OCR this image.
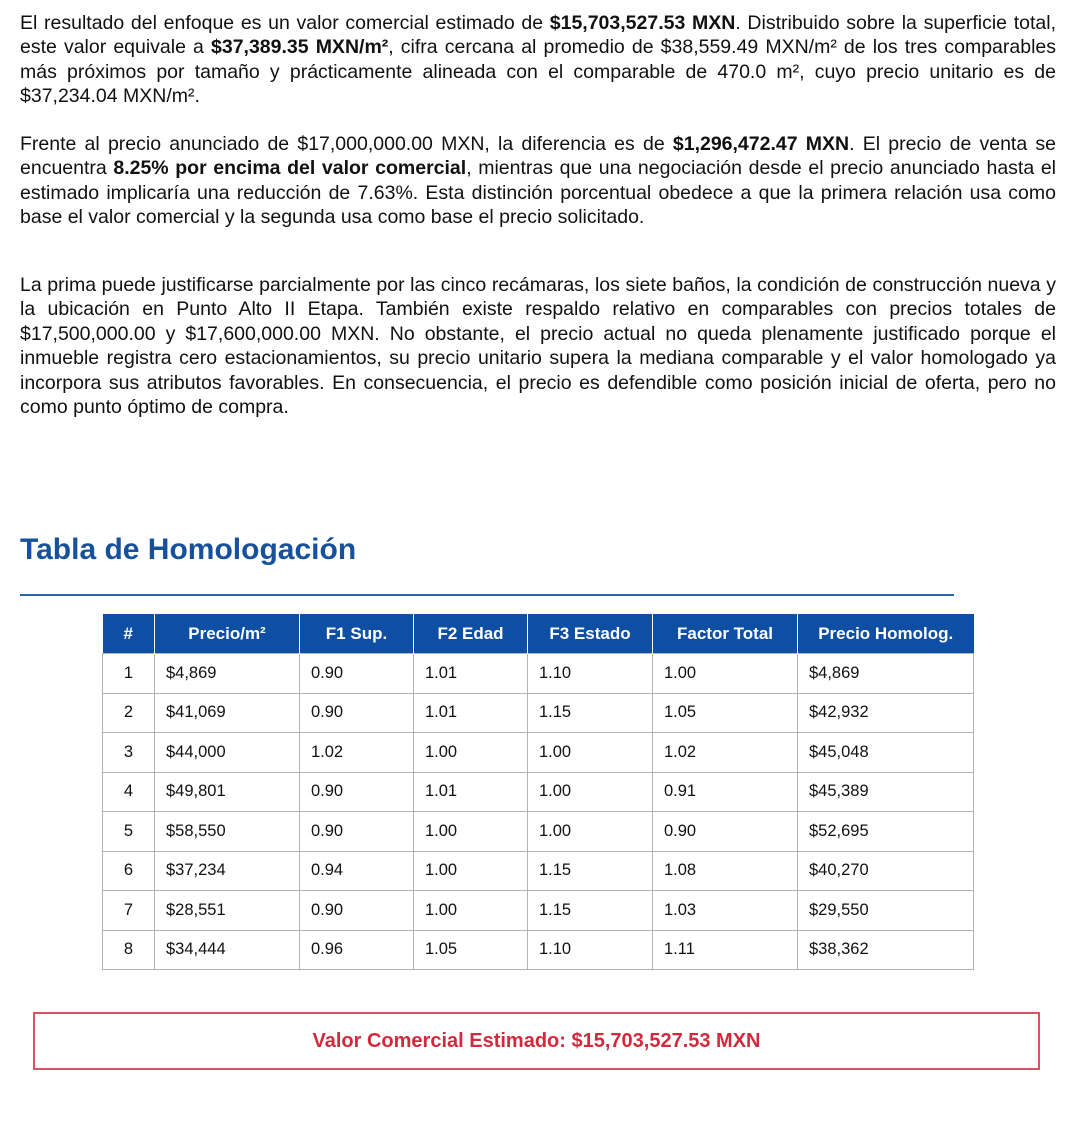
El resultado del enfoque es un valor comercial estimado de $15,703,527.53 MXN. Distribuido sobre la superficie total, este valor equivale a $37,389.35 MXN/m², cifra cercana al promedio de $38,559.49 MXN/m² de los tres comparables más próximos por tamaño y prácticamente alineada con el comparable de 470.0 m², cuyo precio unitario es de $37,234.04 MXN/m².

Frente al precio anunciado de $17,000,000.00 MXN, la diferencia es de $1,296,472.47 MXN. El precio de venta se encuentra 8.25% por encima del valor comercial, mientras que una negociación desde el precio anunciado hasta el estimado implicaría una reducción de 7.63%. Esta distinción porcentual obedece a que la primera relación usa como base el valor comercial y la segunda usa como base el precio solicitado.

La prima puede justificarse parcialmente por las cinco recámaras, los siete baños, la condición de construcción nueva y la ubicación en Punto Alto II Etapa. También existe respaldo relativo en comparables con precios totales de $17,500,000.00 y $17,600,000.00 MXN. No obstante, el precio actual no queda plenamente justificado porque el inmueble registra cero estacionamientos, su precio unitario supera la mediana comparable y el valor homologado ya incorpora sus atributos favorables. En consecuencia, el precio es defendible como posición inicial de oferta, pero no como punto óptimo de compra.

Tabla de Homologación
#	Precio/m²	F1 Sup.	F2 Edad	F3 Estado	Factor Total	Precio Homolog.
1	$4,869	0.90	1.01	1.10	1.00	$4,869
2	$41,069	0.90	1.01	1.15	1.05	$42,932
3	$44,000	1.02	1.00	1.00	1.02	$45,048
4	$49,801	0.90	1.01	1.00	0.91	$45,389
5	$58,550	0.90	1.00	1.00	0.90	$52,695
6	$37,234	0.94	1.00	1.15	1.08	$40,270
7	$28,551	0.90	1.00	1.15	1.03	$29,550
8	$34,444	0.96	1.05	1.10	1.11	$38,362
Valor Comercial Estimado: $15,703,527.53 MXN
